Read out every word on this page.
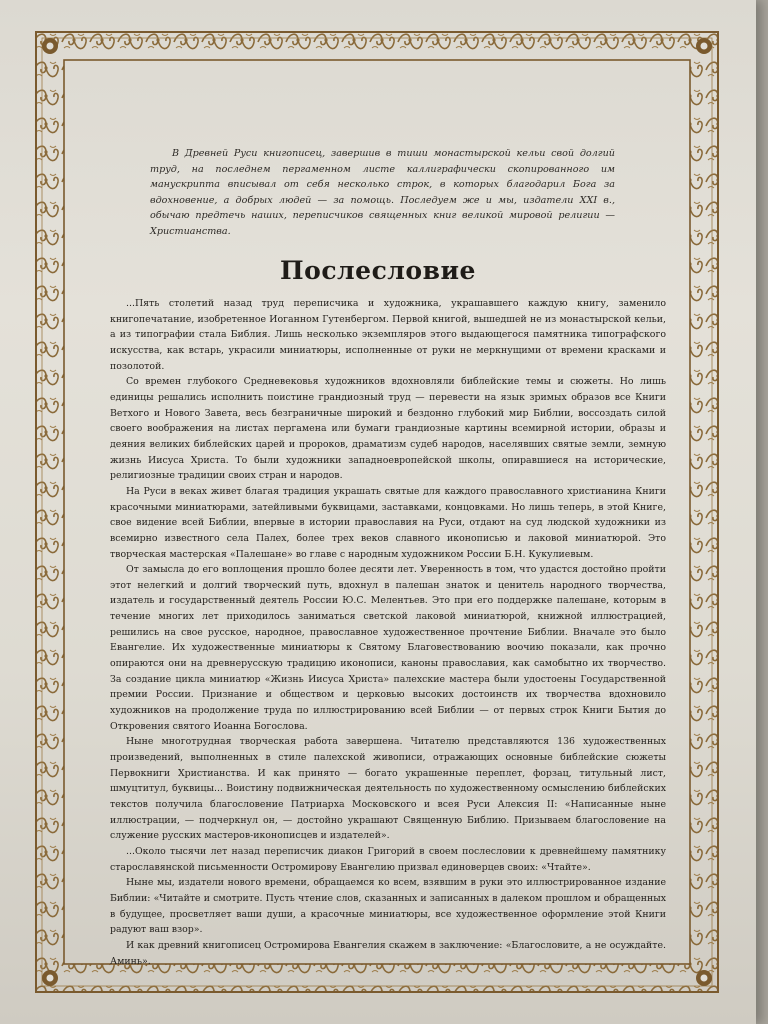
В Древней Руси книгописец, завершив в тиши монастырской кельи свой долгий труд, на последнем пергаменном листе каллиграфически скопированного им манускрипта вписывал от себя несколько строк, в которых благодарил Бога за вдохновение, а добрых людей — за помощь. Последуем же и мы, издатели XXI в., обычаю предтечь наших, переписчиков священных книг великой мировой религии — Христианства.
Послесловие

...Пять столетий назад труд переписчика и художника, украшавшего каждую книгу, заменило книгопечатание, изобретенное Иоганном Гутенбергом. Первой книгой, вышедшей не из монастырской кельи, а из типографии стала Библия. Лишь несколько экземпляров этого выдающегося памятника типографского искусства, как встарь, украсили миниатюры, исполненные от руки не меркнущими от времени красками и позолотой.

Со времен глубокого Средневековья художников вдохновляли библейские темы и сюжеты. Но лишь единицы решались исполнить поистине грандиозный труд — перевести на язык зримых образов все Книги Ветхого и Нового Завета, весь безграничные широкий и бездонно глубокий мир Библии, воссоздать силой своего воображения на листах пергамена или бумаги грандиозные картины всемирной истории, образы и деяния великих библейских царей и пророков, драматизм судеб народов, населявших святые земли, земную жизнь Иисуса Христа. То были художники западноевропейской школы, опиравшиеся на исторические, религиозные традиции своих стран и народов.

На Руси в веках живет благая традиция украшать святые для каждого православного христианина Книги красочными миниатюрами, затейливыми буквицами, заставками, концовками. Но лишь теперь, в этой Книге, свое видение всей Библии, впервые в истории православия на Руси, отдают на суд людской художники из всемирно известного села Палех, более трех веков славного иконописью и лаковой миниатюрой. Это творческая мастерская «Палешане» во главе с народным художником России Б.Н. Кукулиевым.

От замысла до его воплощения прошло более десяти лет. Уверенность в том, что удастся достойно пройти этот нелегкий и долгий творческий путь, вдохнул в палешан знаток и ценитель народного творчества, издатель и государственный деятель России Ю.С. Мелентьев. Это при его поддержке палешане, которым в течение многих лет приходилось заниматься светской лаковой миниатюрой, книжной иллюстрацией, решились на свое русское, народное, православное художественное прочтение Библии. Вначале это было Евангелие. Их художественные миниатюры к Святому Благовествованию воочию показали, как прочно опираются они на древнерусскую традицию иконописи, каноны православия, как самобытно их творчество. За создание цикла миниатюр «Жизнь Иисуса Христа» палехские мастера были удостоены Государственной премии России. Признание и обществом и церковью высоких достоинств их творчества вдохновило художников на продолжение труда по иллюстрированию всей Библии — от первых строк Книги Бытия до Откровения святого Иоанна Богослова.

Ныне многотрудная творческая работа завершена. Читателю представляются 136 художественных произведений, выполненных в стиле палехской живописи, отражающих основные библейские сюжеты Первокниги Христианства. И как принято — богато украшенные переплет, форзац, титульный лист, шмуцтитул, буквицы... Воистину подвижническая деятельность по художественному осмыслению библейских текстов получила благословение Патриарха Московского и всея Руси Алексия II: «Написанные ныне иллюстрации, — подчеркнул он, — достойно украшают Священную Библию. Призываем благословение на служение русских мастеров-иконописцев и издателей».

...Около тысячи лет назад переписчик диакон Григорий в своем послесловии к древнейшему памятнику старославянской письменности Остромирову Евангелию призвал единоверцев своих: «Чтайте».

Ныне мы, издатели нового времени, обращаемся ко всем, взявшим в руки это иллюстрированное издание Библии: «Читайте и смотрите. Пусть чтение слов, сказанных и записанных в далеком прошлом и обращенных в будущее, просветляет ваши души, а красочные миниатюры, все художественное оформление этой Книги радуют ваш взор».

И как древний книгописец Остромирова Евангелия скажем в заключение: «Благословите, а не осуждайте. Аминь».
